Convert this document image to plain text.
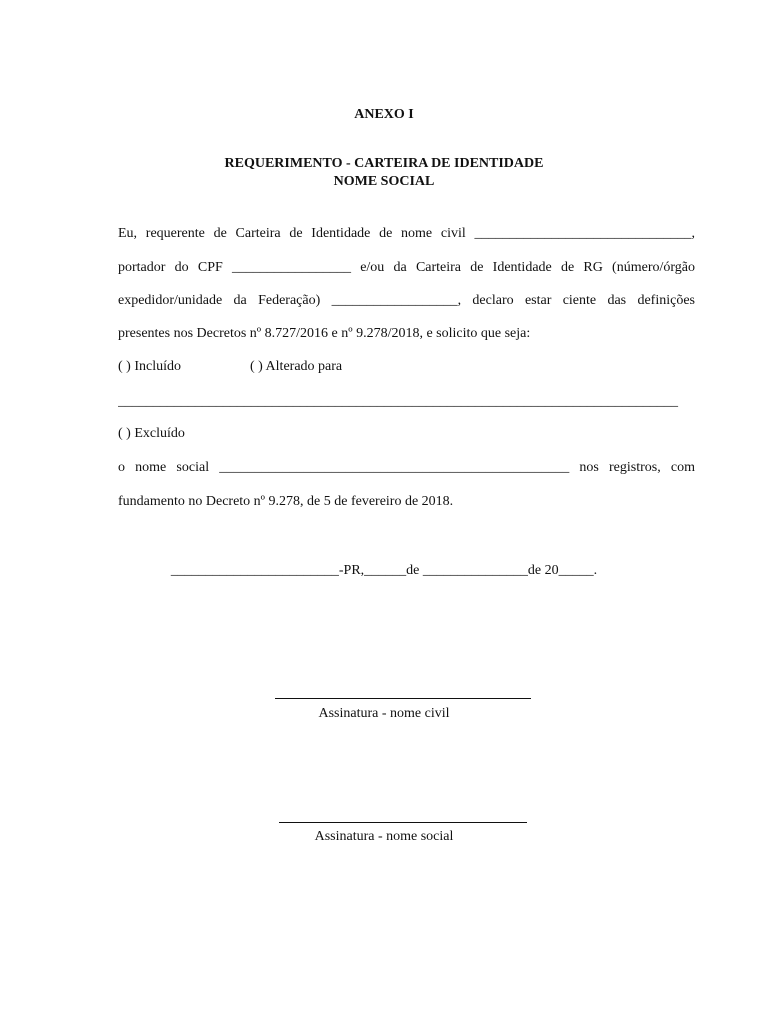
ANEXO I
REQUERIMENTO - CARTEIRA DE IDENTIDADE
NOME SOCIAL
Eu, requerente de Carteira de Identidade de nome civil _______________________________,
portador do CPF _________________ e/ou da Carteira de Identidade de RG (número/órgão
expedidor/unidade da Federação) __________________, declaro estar ciente das definições
presentes nos Decretos nº 8.727/2016 e nº 9.278/2018, e solicito que seja:
( ) Incluído	( ) Alterado para
________________________________________________________________________________
( ) Excluído
o nome social __________________________________________________ nos registros, com
fundamento no Decreto nº 9.278, de 5 de fevereiro de 2018.
________________________-PR,______de _______________de 20_____.
Assinatura - nome civil
Assinatura - nome social
